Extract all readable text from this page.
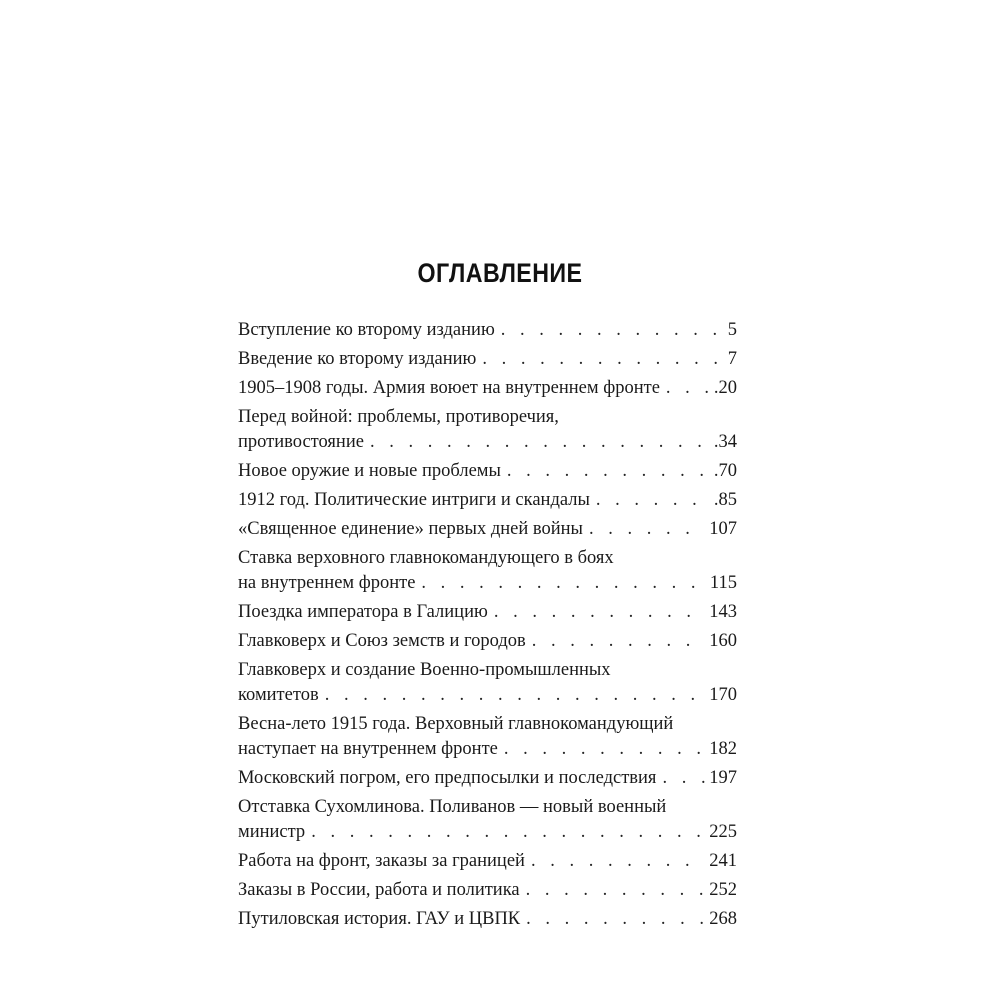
ОГЛАВЛЕНИЕ
Вступление ко второму изданию . . .	5
Введение ко второму изданию . . .	7
1905–1908 годы. Армия воюет на внутреннем фронте . . .	.20
Перед войной: проблемы, противоречия,
противостояние . . .	.34
Новое оружие и новые проблемы . . .	.70
1912 год. Политические интриги и скандалы . . .	.85
«Священное единение» первых дней войны . . .	107
Ставка верховного главнокомандующего в боях
на внутреннем фронте . . .	115
Поездка императора в Галицию . . .	143
Главковерх и Союз земств и городов . . .	160
Главковерх и создание Военно-промышленных
комитетов . . .	170
Весна-лето 1915 года. Верховный главнокомандующий
наступает на внутреннем фронте . . .	182
Московский погром, его предпосылки и последствия . . .	197
Отставка Сухомлинова. Поливанов — новый военный
министр . . .	225
Работа на фронт, заказы за границей . . .	241
Заказы в России, работа и политика . . .	252
Путиловская история. ГАУ и ЦВПК . . .	268
